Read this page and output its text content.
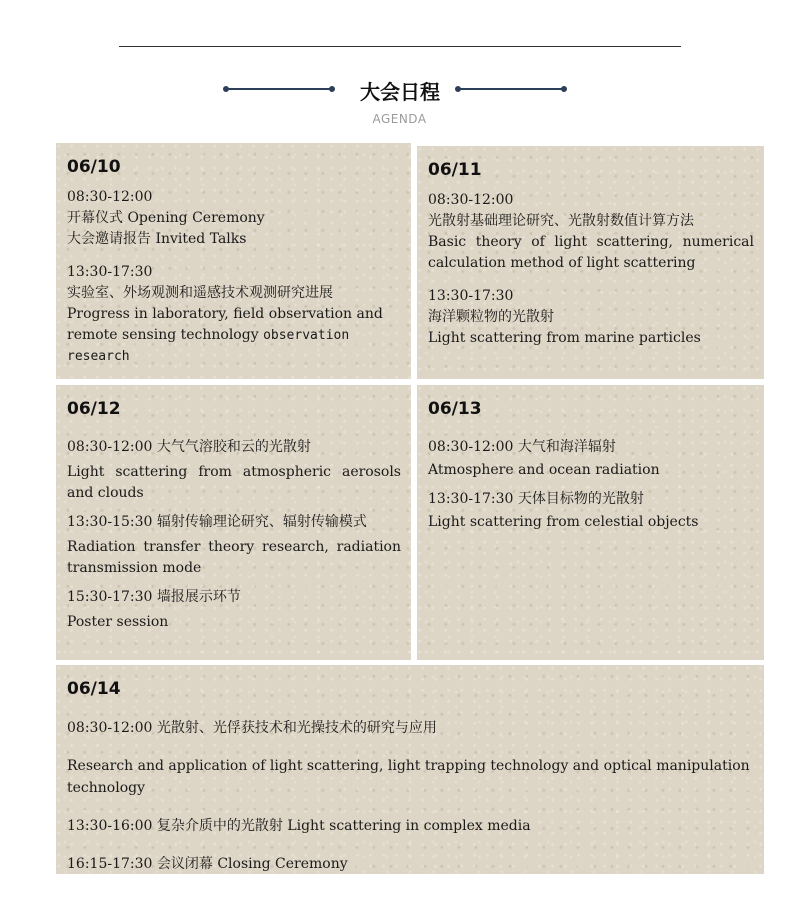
大会日程
AGENDA
06/10

08:30-12:00

开幕仪式 Opening Ceremony

大会邀请报告 Invited Talks

13:30-17:30

实验室、外场观测和遥感技术观测研究进展

Progress in laboratory, field observation and remote sensing technology observation research

06/11

08:30-12:00

光散射基础理论研究、光散射数值计算方法

Basic theory of light scattering, numerical calculation method of light scattering

13:30-17:30

海洋颗粒物的光散射

Light scattering from marine particles

06/12

08:30-12:00 大气气溶胶和云的光散射

Light scattering from atmospheric aerosols and clouds

13:30-15:30 辐射传输理论研究、辐射传输模式

Radiation transfer theory research, radiation transmission mode

15:30-17:30 墙报展示环节

Poster session

06/13

08:30-12:00 大气和海洋辐射

Atmosphere and ocean radiation

13:30-17:30 天体目标物的光散射

Light scattering from celestial objects

06/14

08:30-12:00 光散射、光俘获技术和光操技术的研究与应用

Research and application of light scattering, light trapping technology and optical manipulation technology

13:30-16:00 复杂介质中的光散射 Light scattering in complex media

16:15-17:30 会议闭幕 Closing Ceremony
